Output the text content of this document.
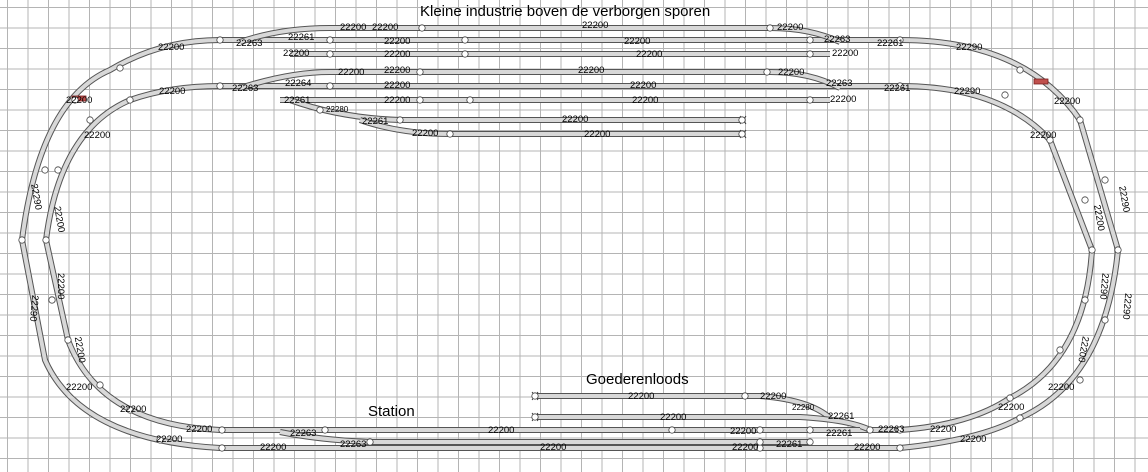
Kleine industrie boven de verborgen sporen
Goederenloods
Station
22200
22200	22200	22200
22200	22263
22261	22200	22200	22263	22261	22290
22200	22200	22200	22200
22200 22200	22200	22200
22264
22200	22263	22200	22200	22263	22261	22290
22261	22200	22200	22200
22280
22261	22200
22200	22200
22200	22200
22200	22200
22200	22200
22200
22280
22261
22200	22263	22200	22200	22261	22263	22200
22200
22200
22200	22263	22200	22200 22261	22200
22200
22200
22200
22200
22290
22200
22200
22290
22200
22200
22290
22290
22290
22200
